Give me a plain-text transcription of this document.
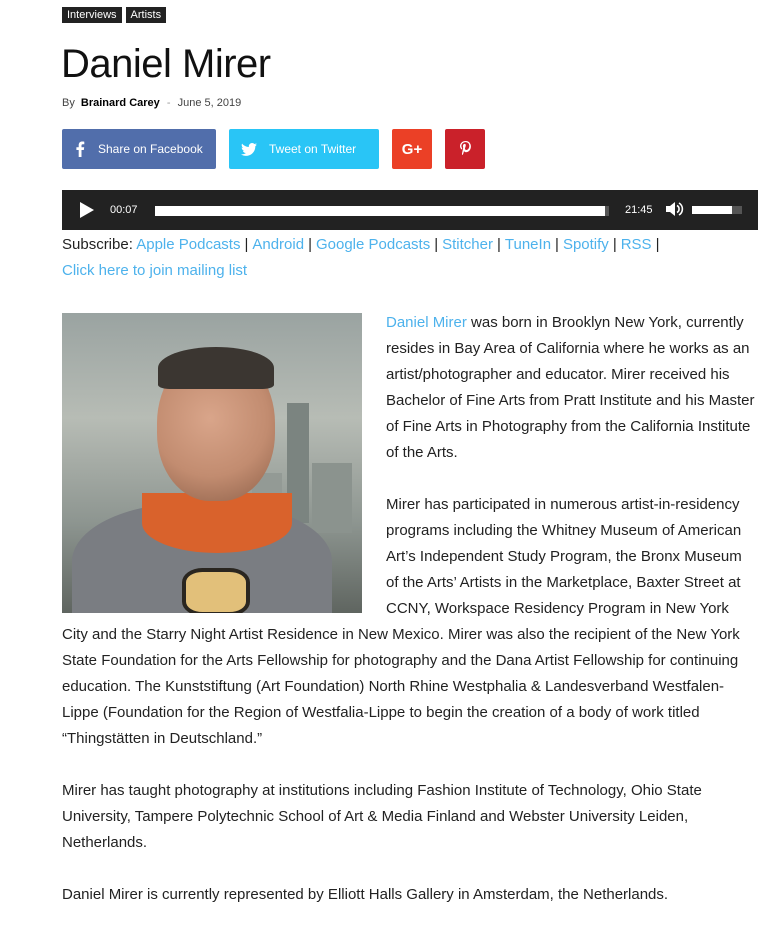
Interviews	Artists
Daniel Mirer
By Brainard Carey - June 5, 2019
Share on Facebook	Tweet on Twitter	G+
00:07	21:45
Subscribe: Apple Podcasts | Android | Google Podcasts | Stitcher | TuneIn | Spotify | RSS |
Click here to join mailing list

Daniel Mirer was born in Brooklyn New York, currently resides in Bay Area of California where he works as an artist/photographer and educator. Mirer received his Bachelor of Fine Arts from Pratt Institute and his Master of Fine Arts in Photography from the California Institute of the Arts.

Mirer has participated in numerous artist-in-residency programs including the Whitney Museum of American Art’s Independent Study Program, the Bronx Museum of the Arts’ Artists in the Marketplace, Baxter Street at CCNY, Workspace Residency Program in New York City and the Starry Night Artist Residence in New Mexico. Mirer was also the recipient of the New York State Foundation for the Arts Fellowship for photography and the Dana Artist Fellowship for continuing education. The Kunststiftung (Art Foundation) North Rhine Westphalia & Landesverband Westfalen-Lippe (Foundation for the Region of Westfalia-Lippe to begin the creation of a body of work titled “Thingstätten in Deutschland.”

Mirer has taught photography at institutions including Fashion Institute of Technology, Ohio State University, Tampere Polytechnic School of Art & Media Finland and Webster University Leiden, Netherlands.

Daniel Mirer is currently represented by Elliott Halls Gallery in Amsterdam, the Netherlands.
